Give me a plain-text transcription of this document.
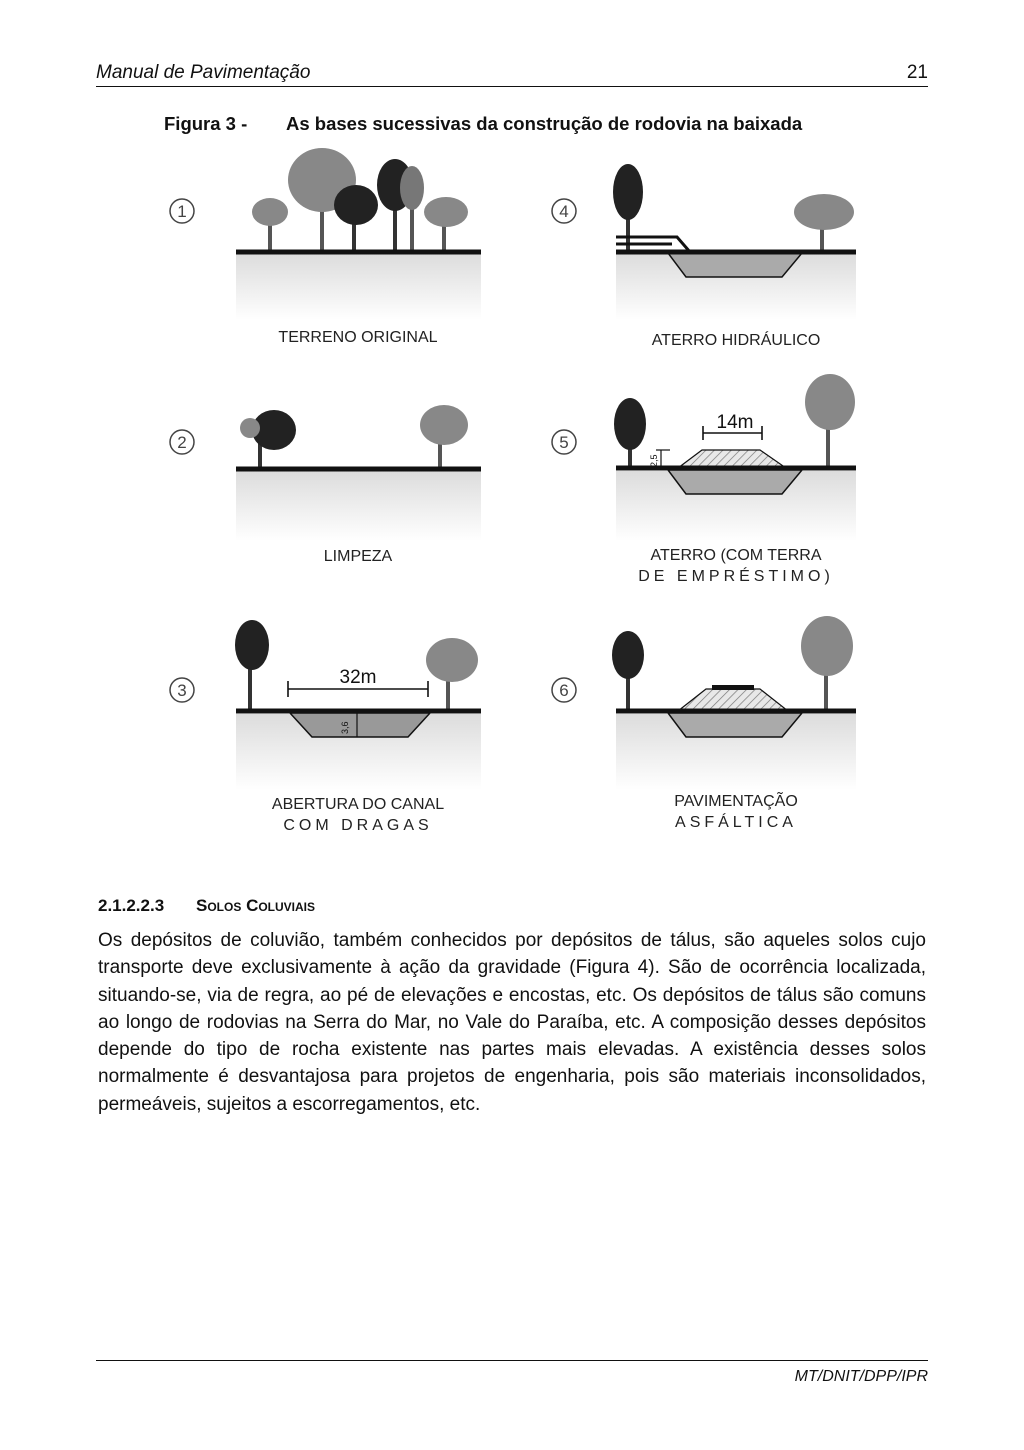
Manual de Pavimentação	21
Figura 3 - As bases sucessivas da construção de rodovia na baixada
1
TERRENO ORIGINAL
2
LIMPEZA
3
3,6
32m
ABERTURA DO CANAL
COM DRAGAS
4
ATERRO HIDRÁULICO
5
14m
2,5
ATERRO (COM TERRA
DE EMPRÉSTIMO)
6
PAVIMENTAÇÃO
ASFÁLTICA
2.1.2.2.3 Solos Coluviais

Os depósitos de coluvião, também conhecidos por depósitos de tálus, são aqueles solos cujo transporte deve exclusivamente à ação da gravidade (Figura 4). São de ocorrência localizada, situando-se, via de regra, ao pé de elevações e encostas, etc. Os depósitos de tálus são comuns ao longo de rodovias na Serra do Mar, no Vale do Paraíba, etc. A composição desses depósitos depende do tipo de rocha existente nas partes mais elevadas. A existência desses solos normalmente é desvantajosa para projetos de engenharia, pois são materiais inconsolidados, permeáveis, sujeitos a escorregamentos, etc.

MT/DNIT/DPP/IPR
